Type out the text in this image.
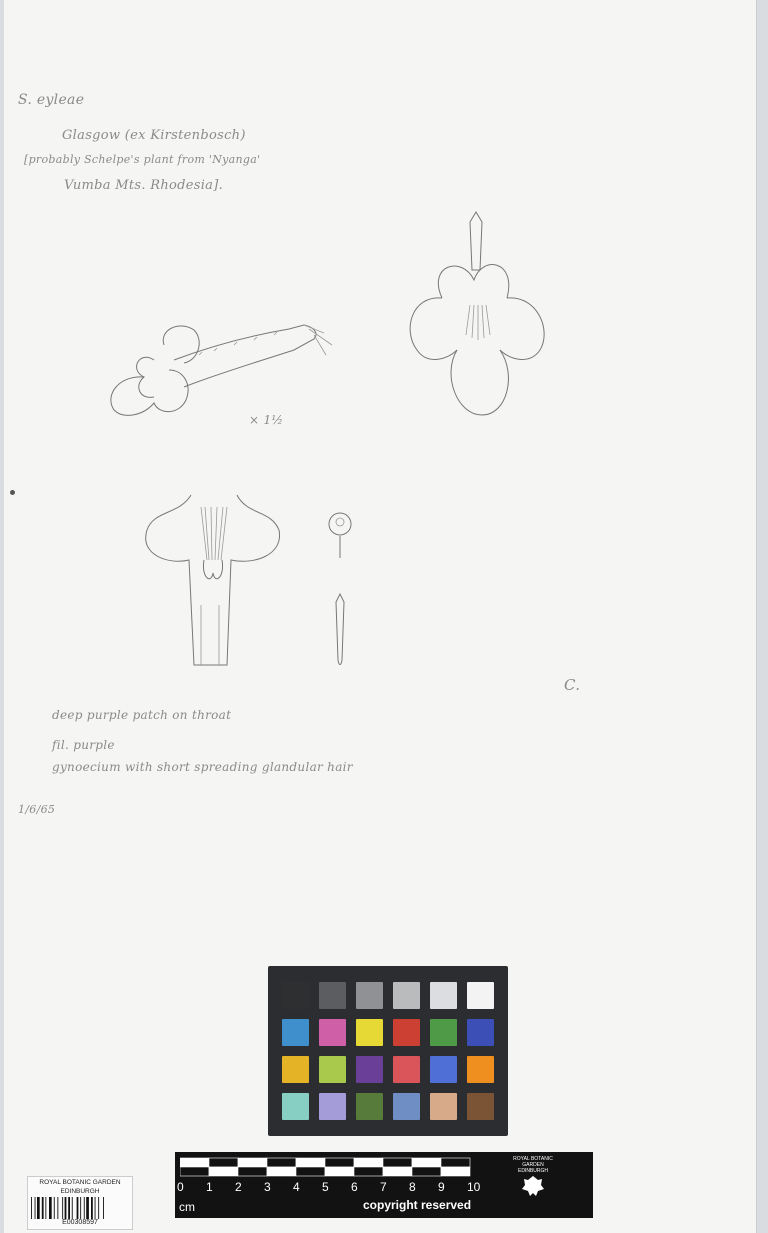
S. eyleae
Glasgow (ex Kirstenbosch)
[probably Schelpe's plant from 'Nyanga'
Vumba Mts. Rhodesia].
× 1½
C.
deep purple patch on throat
fil. purple
gynoecium with short spreading glandular hair
1/6/65
0 1 2 3 4 5 6 7 8 9 10
cm	copyright reserved
ROYAL BOTANIC GARDEN EDINBURGH
ROYAL BOTANIC GARDEN
EDINBURGH
E00308597
